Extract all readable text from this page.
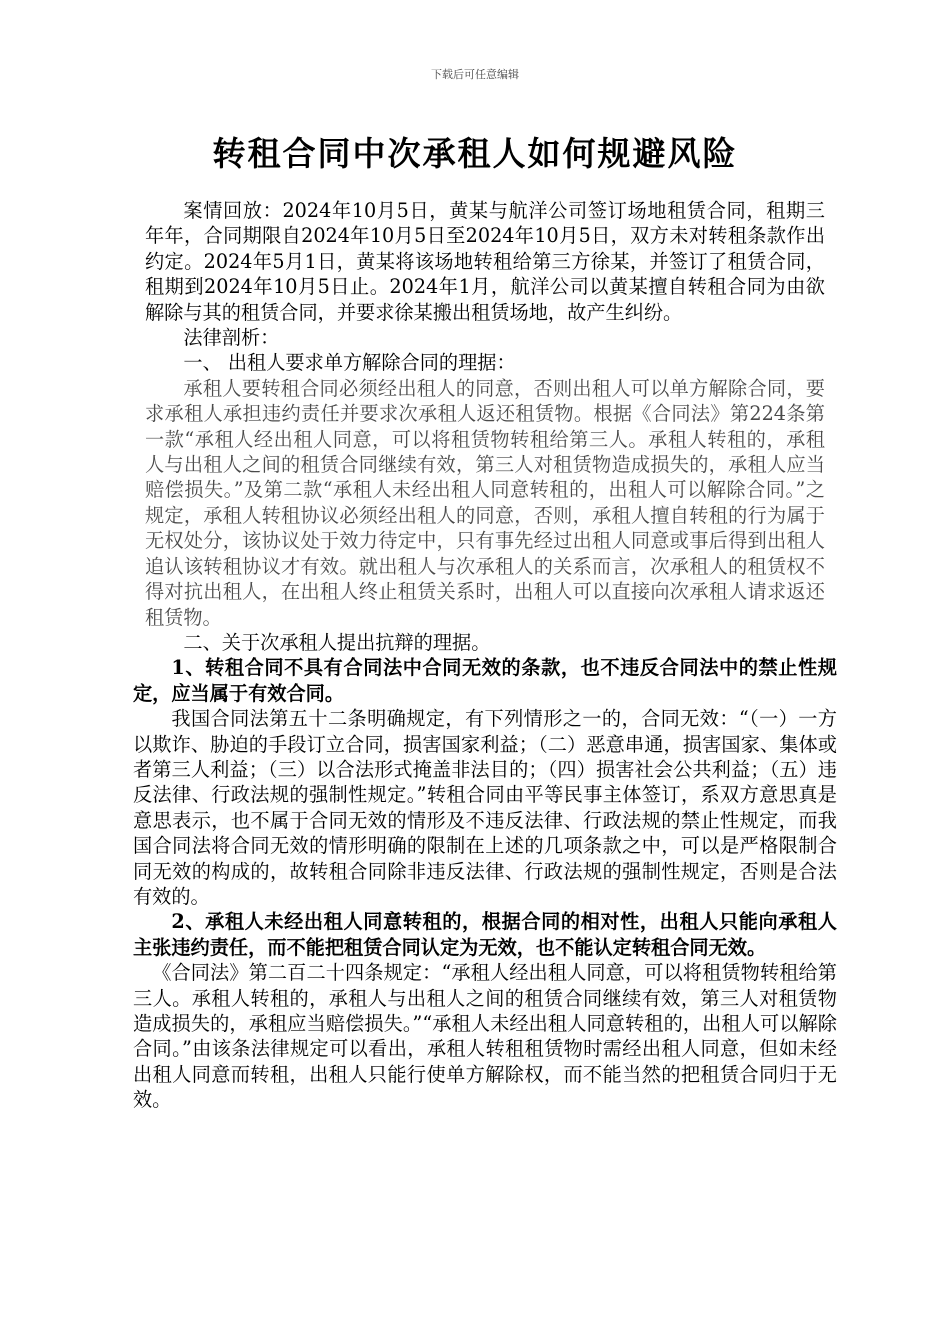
下载后可任意编辑
转租合同中次承租人如何规避风险

案情回放：2024年10月5日，黄某与航洋公司签订场地租赁合同，租期三年年，合同期限自2024年10月5日至2024年10月5日，双方未对转租条款作出约定。2024年5月1日，黄某将该场地转租给第三方徐某，并签订了租赁合同，租期到2024年10月5日止。2024年1月，航洋公司以黄某擅自转租合同为由欲解除与其的租赁合同，并要求徐某搬出租赁场地，故产生纠纷。

法律剖析：

一、 出租人要求单方解除合同的理据：

承租人要转租合同必须经出租人的同意，否则出租人可以单方解除合同，要求承租人承担违约责任并要求次承租人返还租赁物。根据《合同法》第224条第一款“承租人经出租人同意，可以将租赁物转租给第三人。承租人转租的，承租人与出租人之间的租赁合同继续有效，第三人对租赁物造成损失的，承租人应当赔偿损失。”及第二款“承租人未经出租人同意转租的，出租人可以解除合同。”之规定，承租人转租协议必须经出租人的同意，否则，承租人擅自转租的行为属于无权处分，该协议处于效力待定中，只有事先经过出租人同意或事后得到出租人追认该转租协议才有效。就出租人与次承租人的关系而言，次承租人的租赁权不得对抗出租人，在出租人终止租赁关系时，出租人可以直接向次承租人请求返还租赁物。

二、关于次承租人提出抗辩的理据。

1、转租合同不具有合同法中合同无效的条款，也不违反合同法中的禁止性规定，应当属于有效合同。

我国合同法第五十二条明确规定，有下列情形之一的，合同无效：“（一）一方以欺诈、胁迫的手段订立合同，损害国家利益；（二）恶意串通，损害国家、集体或者第三人利益；（三）以合法形式掩盖非法目的；（四）损害社会公共利益；（五）违反法律、行政法规的强制性规定。”转租合同由平等民事主体签订，系双方意思真是意思表示，也不属于合同无效的情形及不违反法律、行政法规的禁止性规定，而我国合同法将合同无效的情形明确的限制在上述的几项条款之中，可以是严格限制合同无效的构成的，故转租合同除非违反法律、行政法规的强制性规定，否则是合法有效的。

2、承租人未经出租人同意转租的，根据合同的相对性，出租人只能向承租人主张违约责任，而不能把租赁合同认定为无效，也不能认定转租合同无效。

《合同法》第二百二十四条规定：“承租人经出租人同意，可以将租赁物转租给第三人。承租人转租的，承租人与出租人之间的租赁合同继续有效，第三人对租赁物造成损失的，承租应当赔偿损失。”“承租人未经出租人同意转租的，出租人可以解除合同。”由该条法律规定可以看出，承租人转租租赁物时需经出租人同意，但如未经出租人同意而转租，出租人只能行使单方解除权，而不能当然的把租赁合同归于无效。
